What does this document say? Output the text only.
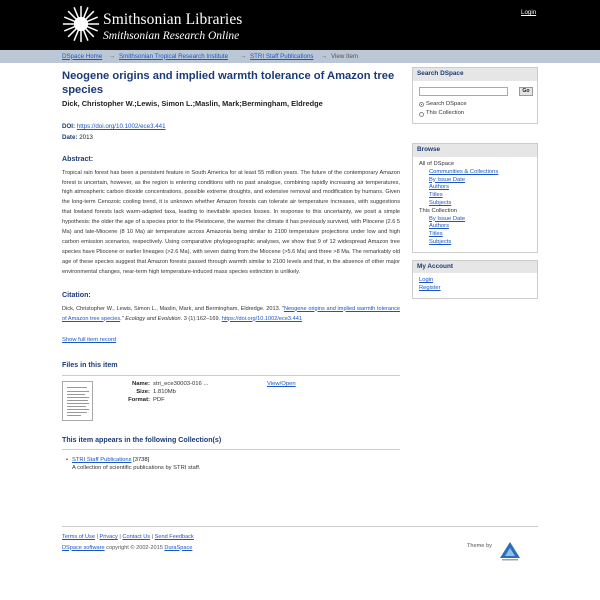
Smithsonian Libraries
Smithsonian Research Online
Login
DSpace Home → Smithsonian Tropical Research Institute → STRI Staff Publications → View Item
Neogene origins and implied warmth tolerance of Amazon tree species
Dick, Christopher W.;Lewis, Simon L.;Maslin, Mark;Bermingham, Eldredge
DOI: https://doi.org/10.1002/ece3.441
Date: 2013
Abstract:
Tropical rain forest has been a persistent feature in South America for at least 55 million years. The future of the contemporary Amazon forest is uncertain, however, as the region is entering conditions with no past analogue, combining rapidly increasing air temperatures, high atmospheric carbon dioxide concentrations, possible extreme droughts, and extensive removal and modification by humans. Given the long-term Cenozoic cooling trend, it is unknown whether Amazon forests can tolerate air temperature increases, with suggestions that lowland forests lack warm-adapted taxa, leading to inevitable species losses. In response to this uncertainty, we posit a simple hypothesis: the older the age of a species prior to the Pleistocene, the warmer the climate it has previously survived, with Pliocene (2.6 5 Ma) and late-Miocene (8 10 Ma) air temperature across Amazonia being similar to 2100 temperature projections under low and high carbon emission scenarios, respectively. Using comparative phylogeographic analyses, we show that 9 of 12 widespread Amazon tree species have Pliocene or earlier lineages (>2.6 Ma), with seven dating from the Miocene (>5.6 Ma) and three >8 Ma. The remarkably old age of these species suggest that Amazon forests passed through warmth similar to 2100 levels and that, in the absence of other major environmental changes, near-term high temperature-induced mass species extinction is unlikely.
Citation:
Dick, Christopher W., Lewis, Simon L., Maslin, Mark, and Bermingham, Eldredge. 2013. "Neogene origins and implied warmth tolerance of Amazon tree species." Ecology and Evolution. 3 (1):162–169. https://doi.org/10.1002/ece3.441
Show full item record
Files in this item
Name: stri_ece30003-016 ...
Size: 1.810Mb
Format: PDF
View/Open
This item appears in the following Collection(s)
• STRI Staff Publications [3738]
A collection of scientific publications by STRI staff.
Search DSpace
Go
Search DSpace
This Collection
Browse
All of DSpace
Communities & Collections
By Issue Date
Authors
Titles
Subjects
This Collection
By Issue Date
Authors
Titles
Subjects
My Account
Login
Register
Terms of Use | Privacy | Contact Us | Send Feedback
DSpace software copyright © 2002-2015 DuraSpace	Theme by
